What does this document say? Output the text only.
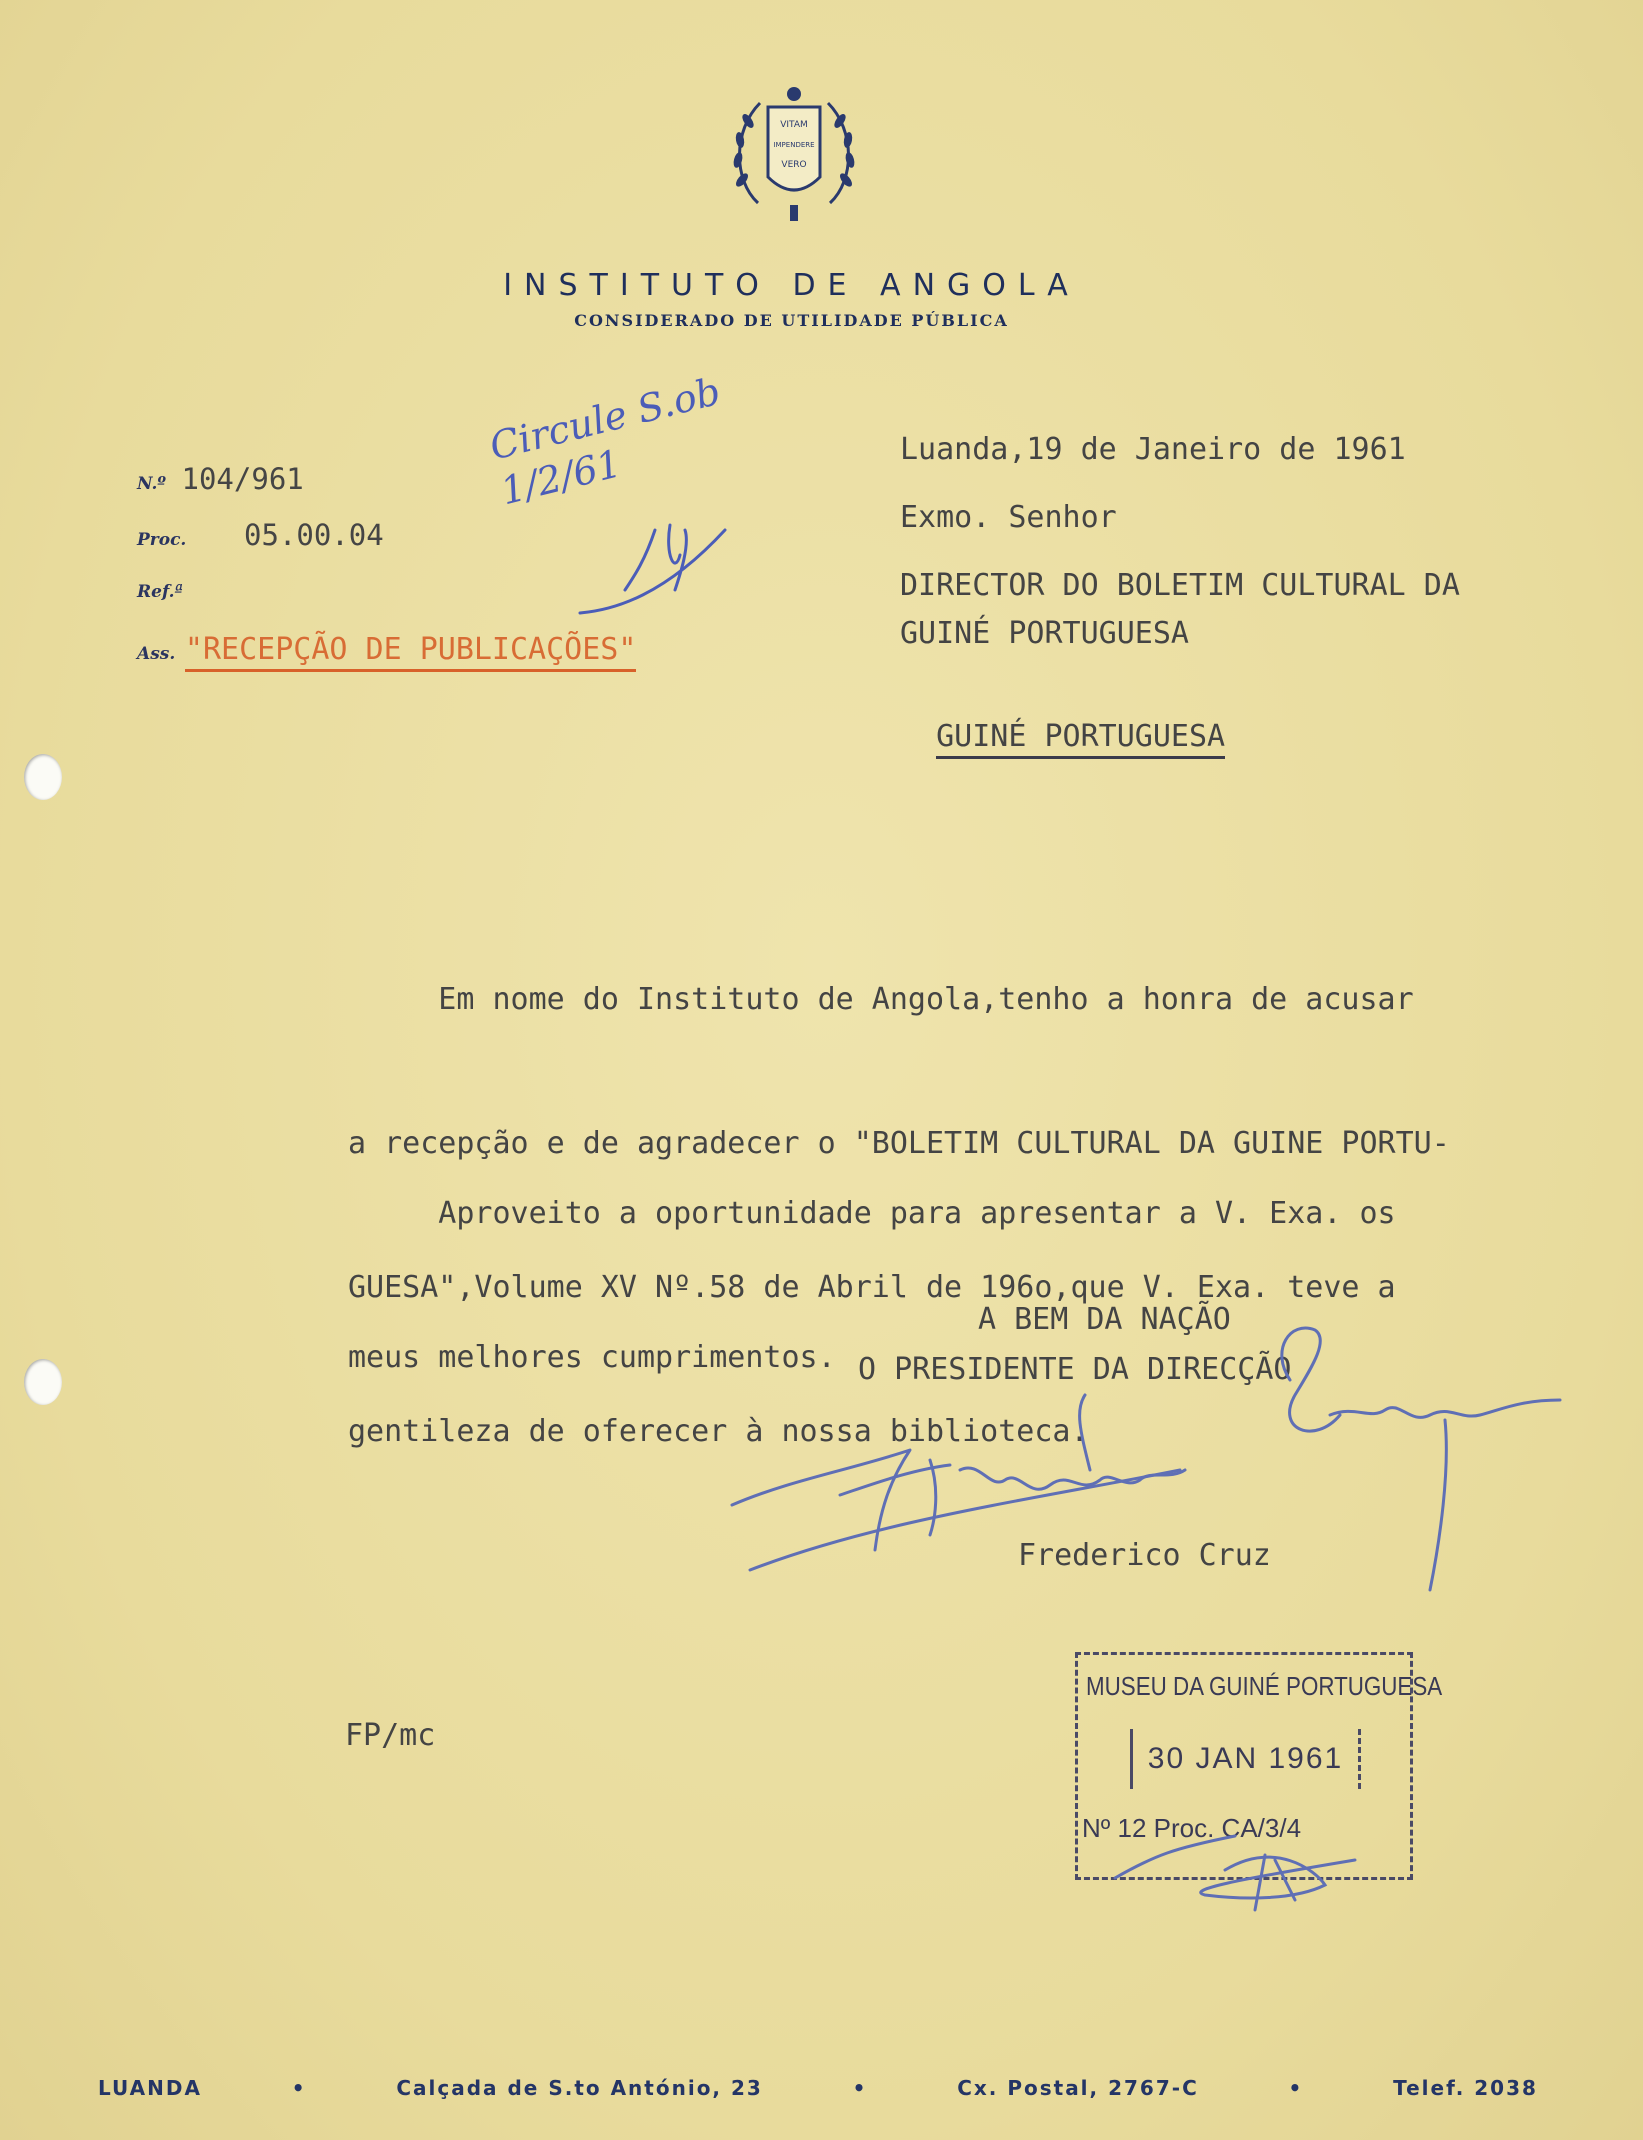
VITAM
IMPENDERE
VERO
INSTITUTO DE ANGOLA
CONSIDERADO DE UTILIDADE PÚBLICA
N.º 104/961
Proc. 05.00.04
Ref.ª
Ass. "RECEPÇÃO DE PUBLICAÇÕES"
Circule S.ob 1/2/61	Luanda,19 de Janeiro de 1961
Exmo. Senhor
DIRECTOR DO BOLETIM CULTURAL DA
GUINÉ PORTUGUESA

GUINÉ PORTUGUESA

Em nome do Instituto de Angola,tenho a honra de acusar

a recepção e de agradecer o "BOLETIM CULTURAL DA GUINE PORTU-

GUESA",Volume XV Nº.58 de Abril de 196o,que V. Exa. teve a

gentileza de oferecer à nossa biblioteca.

Aproveito a oportunidade para apresentar a V. Exa. os

meus melhores cumprimentos.

A BEM DA NAÇÃO
O PRESIDENTE DA DIRECÇÃO
Frederico Cruz
FP/mc
MUSEU DA GUINÉ PORTUGUESA
30 JAN 1961
Nº 12 Proc. CA/3/4
LUANDA	•	Calçada de S.to António, 23	•	Cx. Postal, 2767-C	•	Telef. 2038
